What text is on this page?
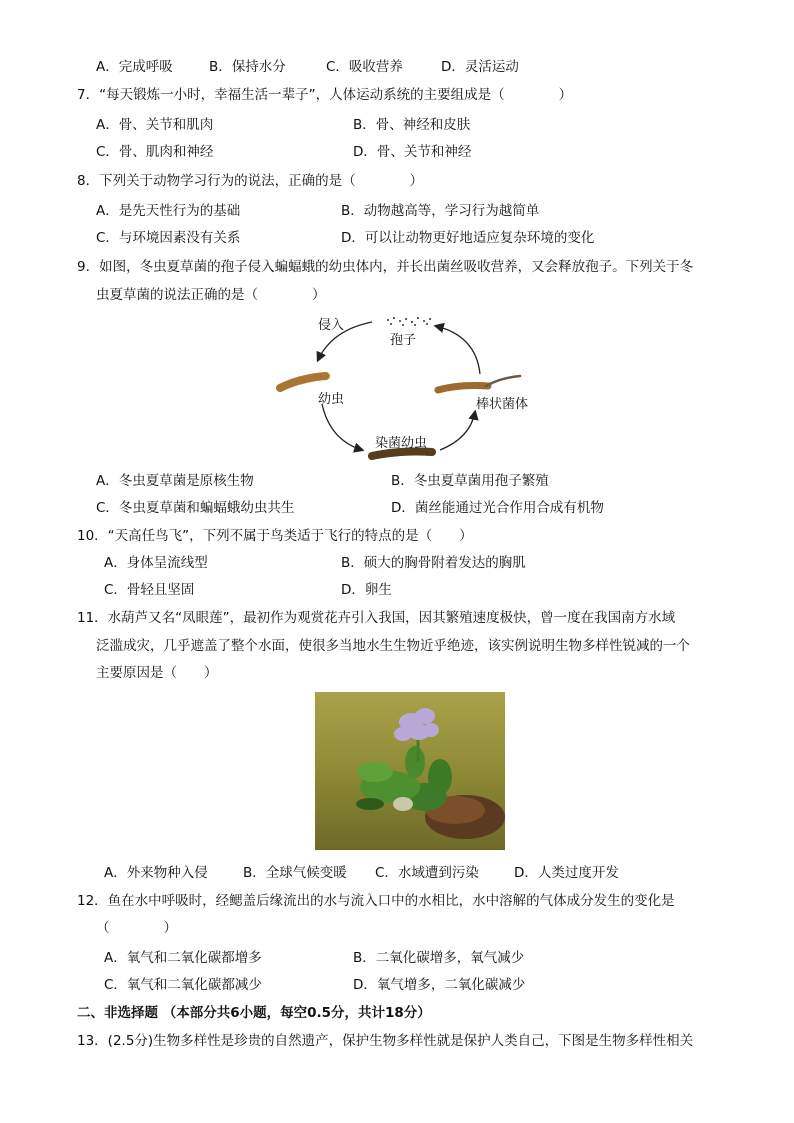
A．完成呼吸	B．保持水分	C．吸收营养	D．灵活运动
7．“每天锻炼一小时，幸福生活一辈子”，人体运动系统的主要组成是（　　　　）
A．骨、关节和肌肉	B．骨、神经和皮肤
C．骨、肌肉和神经	D．骨、关节和神经
8．下列关于动物学习行为的说法，正确的是（　　　　）
A．是先天性行为的基础	B．动物越高等，学习行为越简单
C．与环境因素没有关系	D．可以让动物更好地适应复杂环境的变化
9．如图，冬虫夏草菌的孢子侵入蝙蝠蛾的幼虫体内，并长出菌丝吸收营养，又会释放孢子。下列关于冬
虫夏草菌的说法正确的是（　　　　）
侵入
孢子
幼虫	棒状菌体
染菌幼虫
A．冬虫夏草菌是原核生物	B．冬虫夏草菌用孢子繁殖
C．冬虫夏草菌和蝙蝠蛾幼虫共生	D．菌丝能通过光合作用合成有机物
10．“天高任鸟飞”，下列不属于鸟类适于飞行的特点的是（　　）
A．身体呈流线型	B．硕大的胸骨附着发达的胸肌
C．骨轻且坚固	D．卵生
11．水葫芦又名“凤眼莲”，最初作为观赏花卉引入我国，因其繁殖速度极快，曾一度在我国南方水域
泛滥成灾，几乎遮盖了整个水面，使很多当地水生生物近乎绝迹，该实例说明生物多样性锐减的一个
主要原因是（　　）
A．外来物种入侵	B．全球气候变暖 C．水域遭到污染	D．人类过度开发
12．鱼在水中呼吸时，经鳃盖后缘流出的水与流入口中的水相比，水中溶解的气体成分发生的变化是
（　　　　）
A．氧气和二氧化碳都增多	B．二氧化碳增多，氧气减少
C．氧气和二氧化碳都减少	D．氧气增多，二氧化碳减少
二、非选择题 （本部分共6小题，每空0.5分，共计18分）
13．(2.5分)生物多样性是珍贵的自然遗产，保护生物多样性就是保护人类自己，下图是生物多样性相关
